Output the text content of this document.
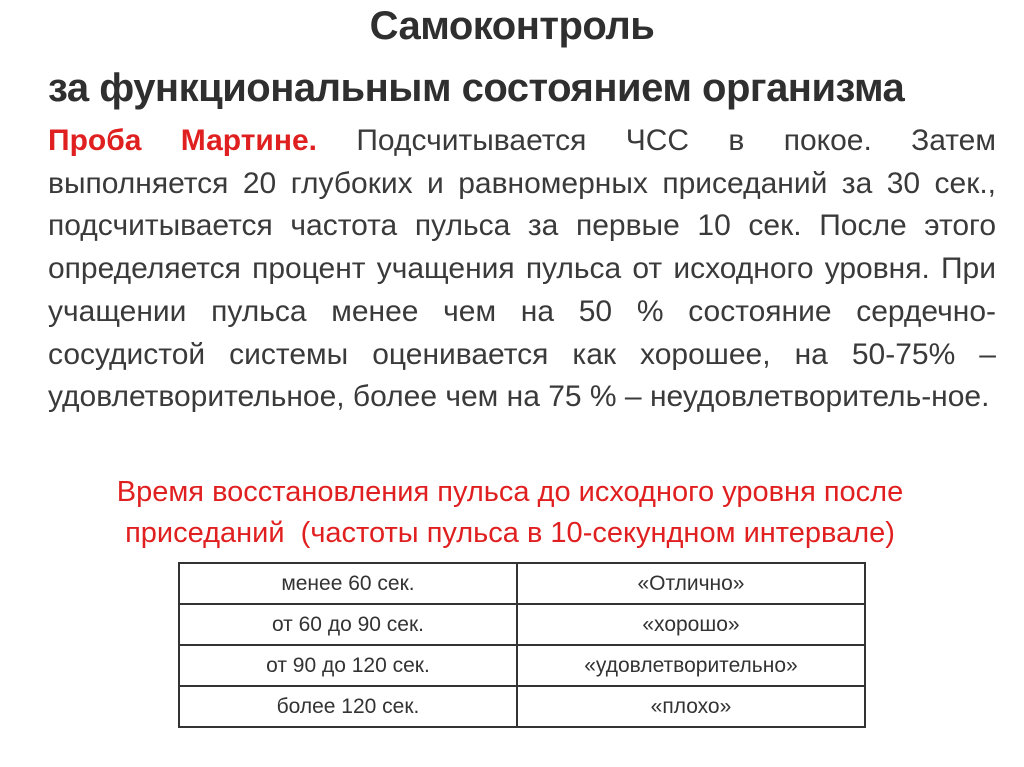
Самоконтроль
за функциональным состоянием организма
Проба Мартине. Подсчитывается ЧСС в покое. Затем выполняется 20 глубоких и равномерных приседаний за 30 сек., подсчитывается частота пульса за первые 10 сек. После этого определяется процент учащения пульса от исходного уровня. При учащении пульса менее чем на 50 % состояние сердечно-сосудистой системы оценивается как хорошее, на 50-75% – удовлетворительное, более чем на 75 % – неудовлетворитель-ное.
Время восстановления пульса до исходного уровня после
приседаний  (частоты пульса в 10-секундном интервале)
менее 60 сек.	«Отлично»
от 60 до 90 сек.	«хорошо»
от 90 до 120 сек.	«удовлетворительно»
более 120 сек.	«плохо»
